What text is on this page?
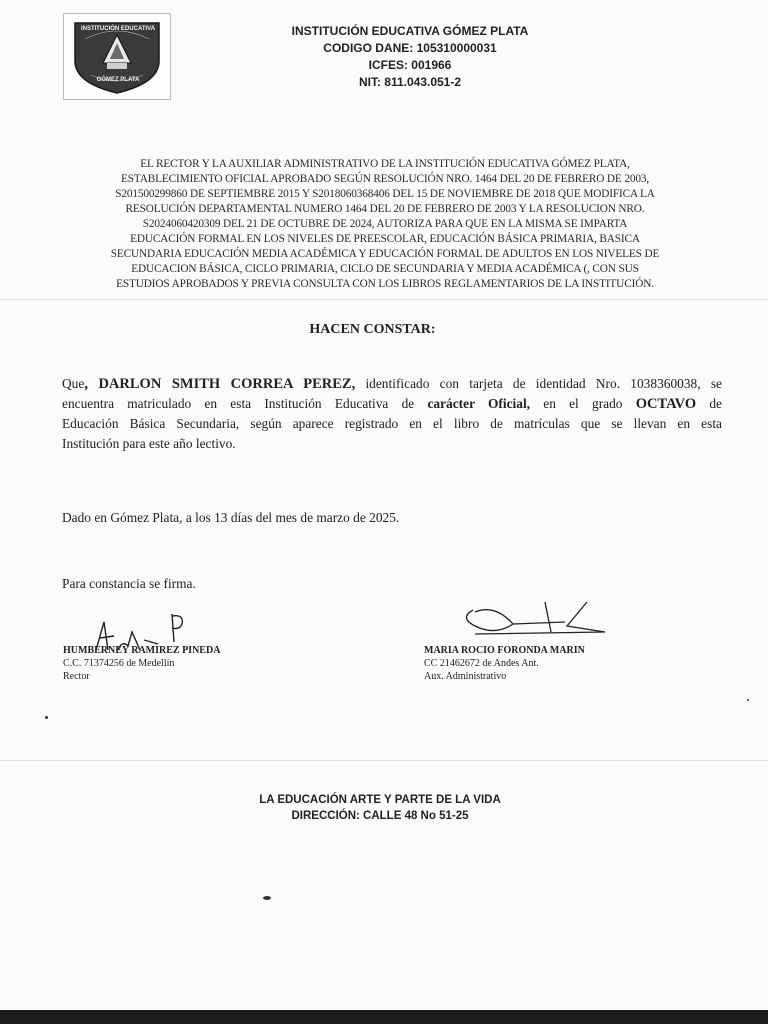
INSTITUCIÓN EDUCATIVA
GÓMEZ PLATA
INSTITUCIÓN EDUCATIVA GÓMEZ PLATA
CODIGO DANE: 105310000031
ICFES: 001966
NIT: 811.043.051-2
EL RECTOR Y LA AUXILIAR ADMINISTRATIVO DE LA INSTITUCIÓN EDUCATIVA GÓMEZ PLATA,
ESTABLECIMIENTO OFICIAL APROBADO SEGÚN RESOLUCIÓN NRO. 1464 DEL 20 DE FEBRERO DE 2003,
S201500299860 DE SEPTIEMBRE 2015 Y S2018060368406 DEL 15 DE NOVIEMBRE DE 2018 QUE MODIFICA LA
RESOLUCIÓN DEPARTAMENTAL NUMERO 1464 DEL 20 DE FEBRERO DE 2003 Y LA RESOLUCION NRO.
S2024060420309 DEL 21 DE OCTUBRE DE 2024, AUTORIZA PARA QUE EN LA MISMA SE IMPARTA
EDUCACIÓN FORMAL EN LOS NIVELES DE PREESCOLAR, EDUCACIÓN BÁSICA PRIMARIA, BASICA
SECUNDARIA EDUCACIÓN MEDIA ACADÉMICA Y EDUCACIÓN FORMAL DE ADULTOS EN LOS NIVELES DE
EDUCACION BÁSICA, CICLO PRIMARIA, CICLO DE SECUNDARIA Y MEDIA ACADÉMICA (, CON SUS
ESTUDIOS APROBADOS Y PREVIA CONSULTA CON LOS LIBROS REGLAMENTARIOS DE LA INSTITUCIÓN.
HACEN CONSTAR:
Que, DARLON SMITH CORREA PEREZ, identificado con tarjeta de identidad Nro. 1038360038, se
encuentra matriculado en esta Institución Educativa de carácter Oficial, en el grado OCTAVO de
Educación Básica Secundaria, según aparece registrado en el libro de matrículas que se llevan en esta
Institución para este año lectivo.
Dado en Gómez Plata, a los 13 días del mes de marzo de 2025.
Para constancia se firma.
HUMBERNEY RAMIREZ PINEDA
C.C. 71374256 de Medellín
Rector
MARIA ROCIO FORONDA MARIN
CC 21462672 de Andes Ant.
Aux. Administrativo
LA EDUCACIÓN ARTE Y PARTE DE LA VIDA
DIRECCIÓN: CALLE 48 No 51-25
